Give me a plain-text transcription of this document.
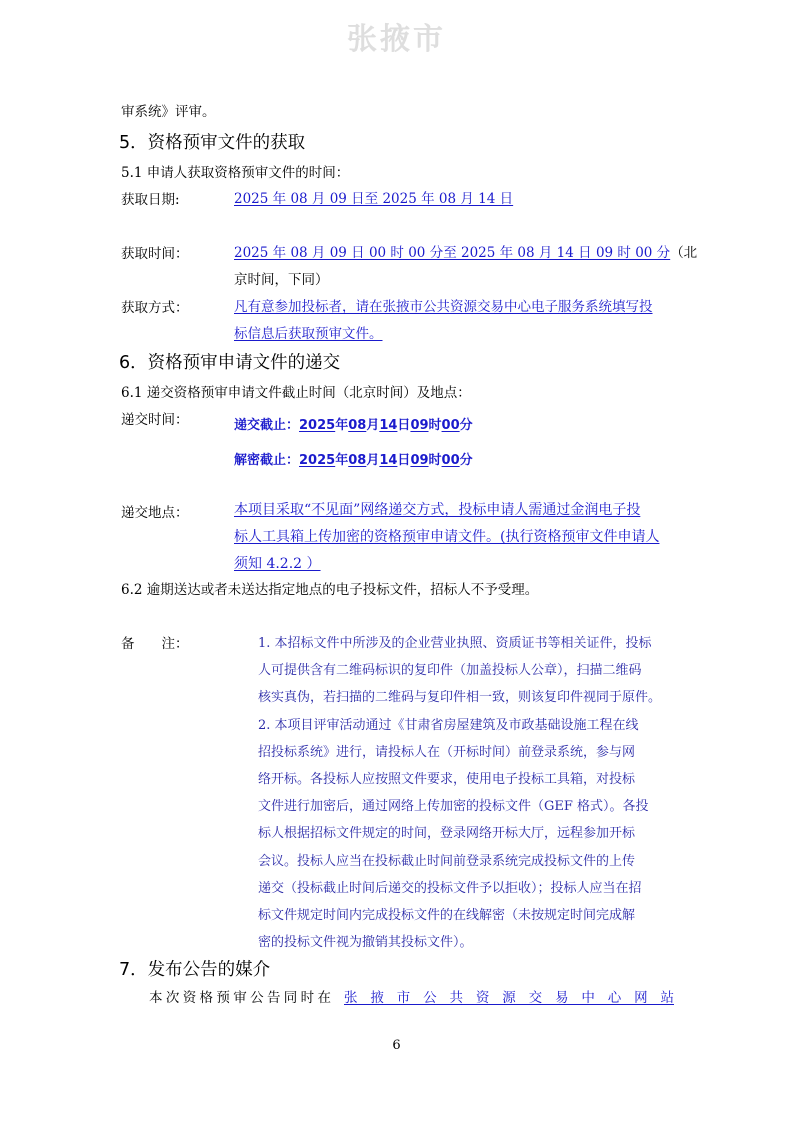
张掖市
审系统》评审。
5．资格预审文件的获取
5.1 申请人获取资格预审文件的时间：
获取日期:	2025 年 08 月 09 日至 2025 年 08 月 14 日
获取时间：	2025 年 08 月 09 日 00 时 00 分至 2025 年 08 月 14 日 09 时 00 分（北
京时间，下同）
获取方式：	凡有意参加投标者，请在张掖市公共资源交易中心电子服务系统填写投
标信息后获取预审文件。
6．资格预审申请文件的递交
6.1 递交资格预审申请文件截止时间（北京时间）及地点：
递交时间：	递交截止：2025年08月14日09时00分
解密截止：2025年08月14日09时00分
递交地点：	本项目采取“不见面”网络递交方式，投标申请人需通过金润电子投
标人工具箱上传加密的资格预审申请文件。(执行资格预审文件申请人
须知 4.2.2 ）
6.2 逾期送达或者未送达指定地点的电子投标文件，招标人不予受理。
备　　注：	1. 本招标文件中所涉及的企业营业执照、资质证书等相关证件，投标
人可提供含有二维码标识的复印件（加盖投标人公章），扫描二维码
核实真伪，若扫描的二维码与复印件相一致，则该复印件视同于原件。
2. 本项目评审活动通过《甘肃省房屋建筑及市政基础设施工程在线
招投标系统》进行，请投标人在（开标时间）前登录系统，参与网
络开标。各投标人应按照文件要求，使用电子投标工具箱，对投标
文件进行加密后，通过网络上传加密的投标文件（GEF 格式）。各投
标人根据招标文件规定的时间，登录网络开标大厅，远程参加开标
会议。投标人应当在投标截止时间前登录系统完成投标文件的上传
递交（投标截止时间后递交的投标文件予以拒收）；投标人应当在招
标文件规定时间内完成投标文件的在线解密（未按规定时间完成解
密的投标文件视为撤销其投标文件）。
7．发布公告的媒介
本次资格预审公告同时在 张掖市公共资源交易中心网站
6
